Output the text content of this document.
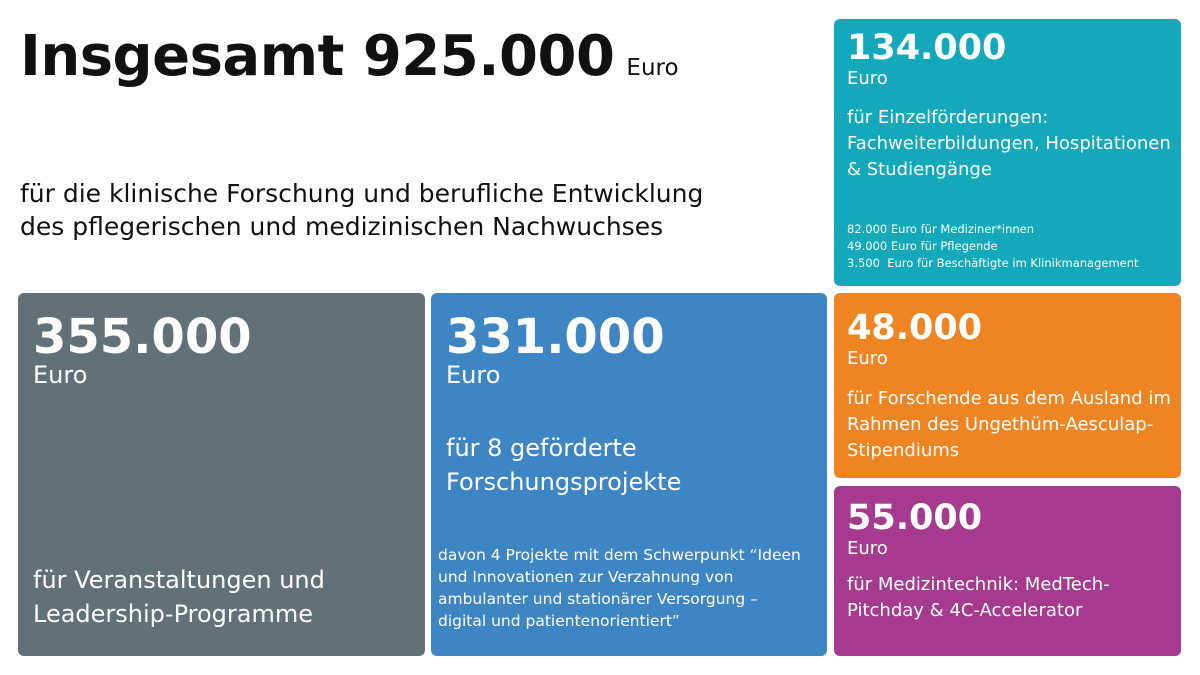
Insgesamt 925.000 Euro
für die klinische Forschung und berufliche Entwicklung des pflegerischen und medizinischen Nachwuchses
355.000
Euro
für Veranstaltungen und Leadership-Programme
331.000
Euro
für 8 geförderte Forschungsprojekte
davon 4 Projekte mit dem Schwerpunkt “Ideen und Innovationen zur Verzahnung von ambulanter und stationärer Versorgung – digital und patientenorientiert”
134.000
Euro
für Einzelförderungen: Fachweiterbildungen, Hospitationen & Studiengänge
82.000 Euro für Mediziner*innen
49.000 Euro für Pflegende
3.500  Euro für Beschäftigte im Klinikmanagement
48.000
Euro
für Forschende aus dem Ausland im Rahmen des Ungethüm-Aesculap-Stipendiums
55.000
Euro
für Medizintechnik: MedTech-Pitchday & 4C-Accelerator
